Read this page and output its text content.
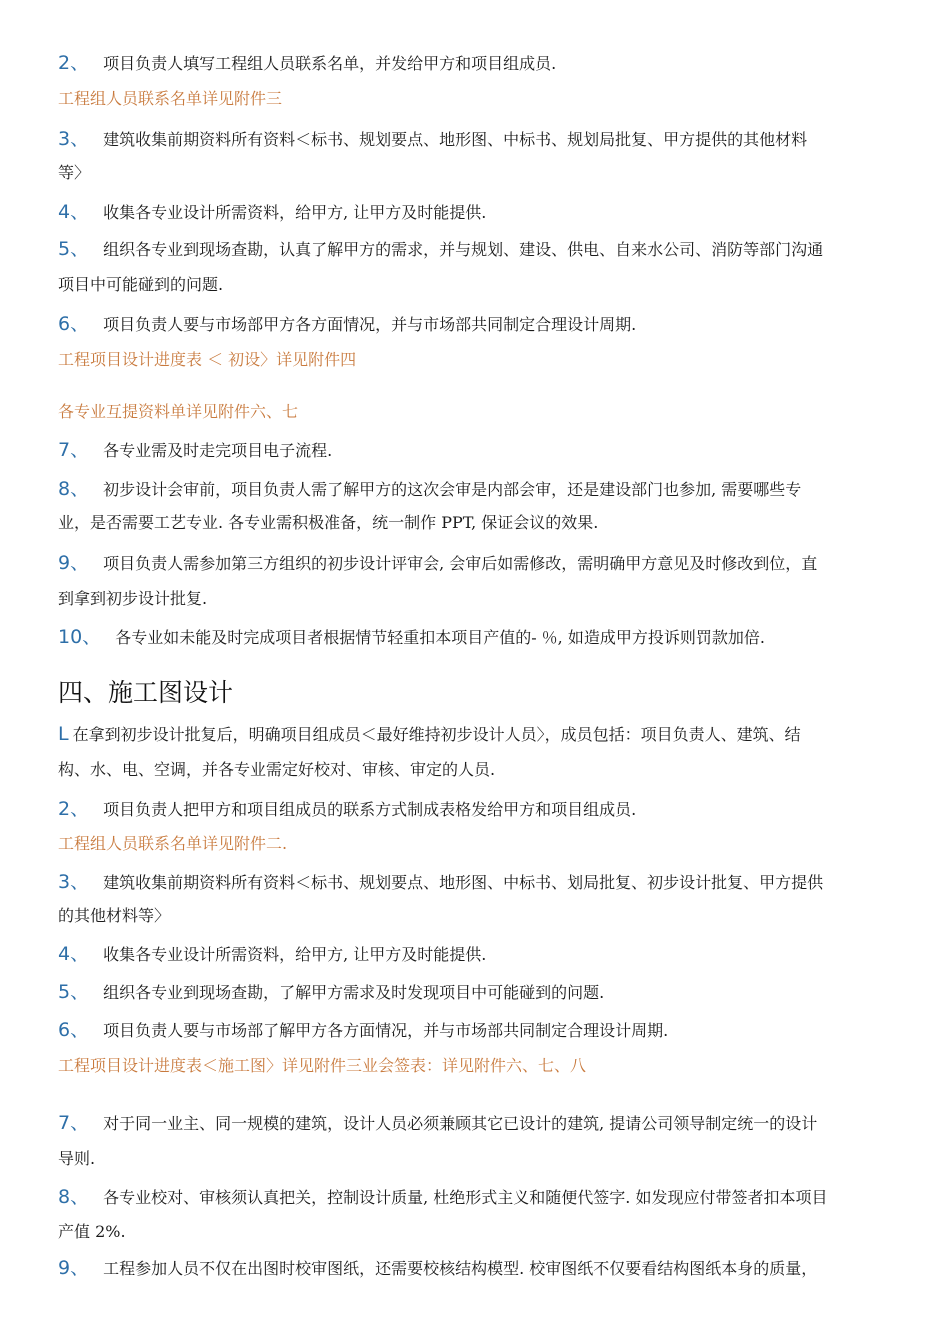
2、 项目负责人填写工程组人员联系名单，并发给甲方和项目组成员.
工程组人员联系名单详见附件三
3、 建筑收集前期资料所有资料＜标书、规划要点、地形图、中标书、规划局批复、甲方提供的其他材料
等〉
4、 收集各专业设计所需资料，给甲方, 让甲方及时能提供.
5、 组织各专业到现场查勘，认真了解甲方的需求，并与规划、建设、供电、自来水公司、消防等部门沟通
项目中可能碰到的问题.
6、 项目负责人要与市场部甲方各方面情况，并与市场部共同制定合理设计周期.
工程项目设计进度表 ＜ 初设〉详见附件四
各专业互提资料单详见附件六、七
7、 各专业需及时走完项目电子流程.
8、 初步设计会审前，项目负责人需了解甲方的这次会审是内部会审，还是建设部门也参加, 需要哪些专
业，是否需要工艺专业. 各专业需积极准备，统一制作 PPT, 保证会议的效果.
9、 项目负责人需参加第三方组织的初步设计评审会, 会审后如需修改，需明确甲方意见及时修改到位，直
到拿到初步设计批复.
10、 各专业如未能及时完成项目者根据情节轻重扣本项目产值的- ％, 如造成甲方投诉则罚款加倍.
四、施工图设计
L 在拿到初步设计批复后，明确项目组成员＜最好维持初步设计人员〉，成员包括：项目负责人、建筑、结
构、水、电、空调，并各专业需定好校对、审核、审定的人员.
2、 项目负责人把甲方和项目组成员的联系方式制成表格发给甲方和项目组成员.
工程组人员联系名单详见附件二.
3、 建筑收集前期资料所有资料＜标书、规划要点、地形图、中标书、划局批复、初步设计批复、甲方提供
的其他材料等〉
4、 收集各专业设计所需资料，给甲方, 让甲方及时能提供.
5、 组织各专业到现场查勘，了解甲方需求及时发现项目中可能碰到的问题.
6、 项目负责人要与市场部了解甲方各方面情况，并与市场部共同制定合理设计周期.
工程项目设计进度表＜施工图〉详见附件三业会签表：详见附件六、七、八
7、 对于同一业主、同一规模的建筑，设计人员必须兼顾其它已设计的建筑, 提请公司领导制定统一的设计
导则.
8、 各专业校对、审核须认真把关，控制设计质量, 杜绝形式主义和随便代签字. 如发现应付带签者扣本项目
产值 2%.
9、 工程参加人员不仅在出图时校审图纸，还需要校核结构模型. 校审图纸不仅要看结构图纸本身的质量，
